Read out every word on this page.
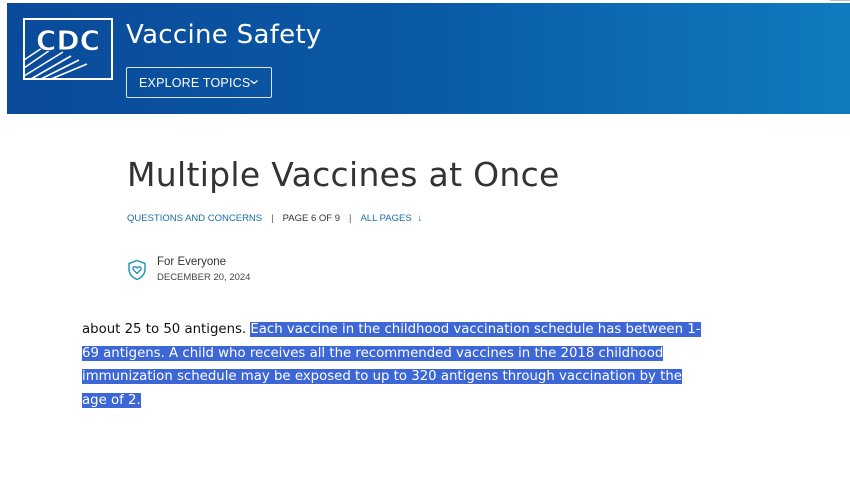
CDC Vaccine Safety
EXPLORE TOPICS
Multiple Vaccines at Once
QUESTIONS AND CONCERNS | PAGE 6 OF 9 | ALL PAGES ↓
For Everyone
DECEMBER 20, 2024
about 25 to 50 antigens. Each vaccine in the childhood vaccination schedule has between 1-69 antigens. A child who receives all the recommended vaccines in the 2018 childhood immunization schedule may be exposed to up to 320 antigens through vaccination by the age of 2.
